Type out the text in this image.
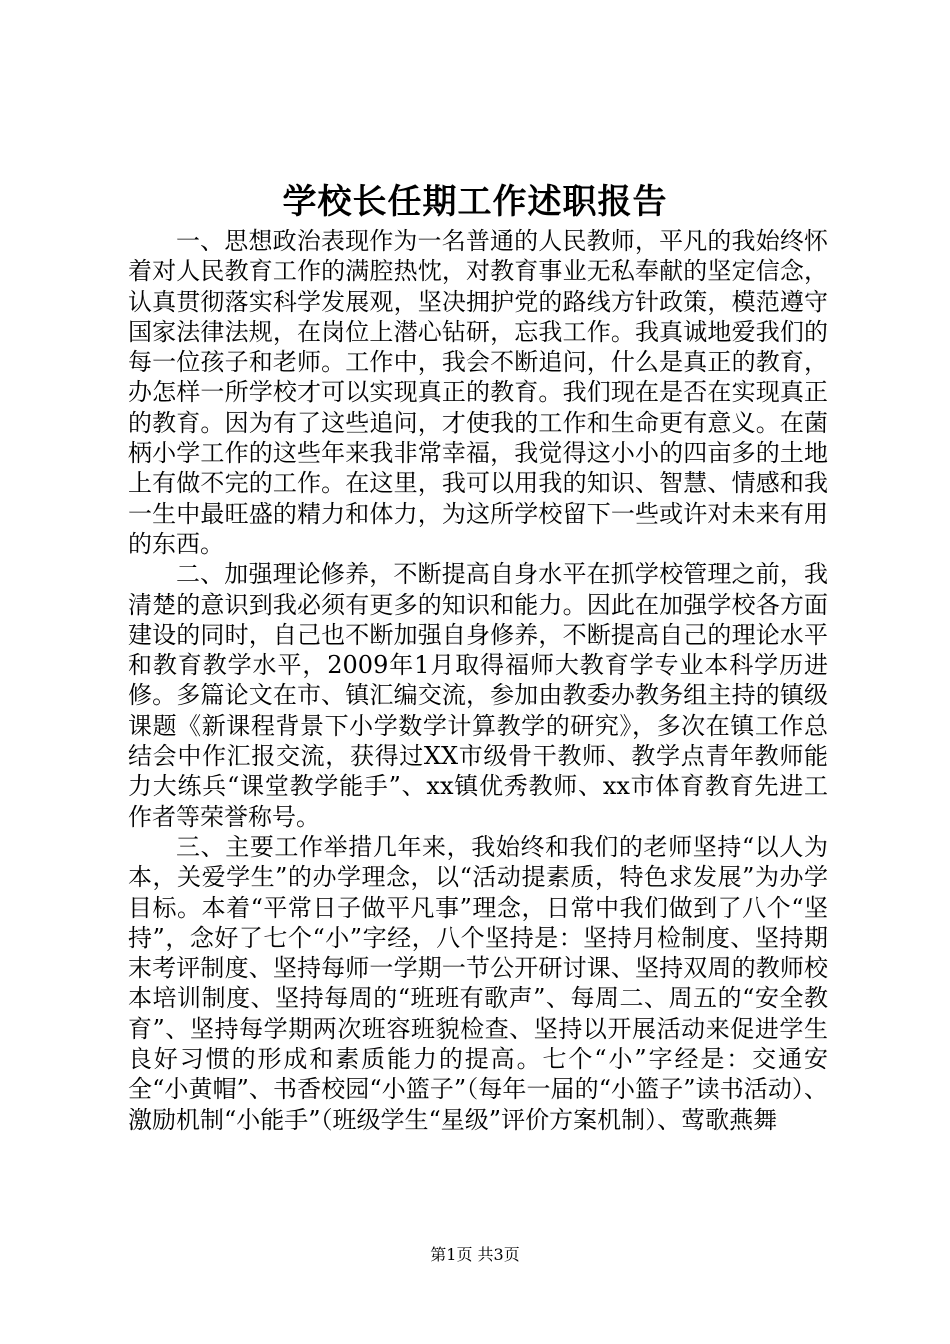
学校长任期工作述职报告

一、思想政治表现作为一名普通的人民教师，平凡的我始终怀着对人民教育工作的满腔热忱，对教育事业无私奉献的坚定信念，认真贯彻落实科学发展观，坚决拥护党的路线方针政策，模范遵守国家法律法规，在岗位上潜心钻研，忘我工作。我真诚地爱我们的每一位孩子和老师。工作中，我会不断追问，什么是真正的教育，办怎样一所学校才可以实现真正的教育。我们现在是否在实现真正的教育。因为有了这些追问，才使我的工作和生命更有意义。在菌柄小学工作的这些年来我非常幸福，我觉得这小小的四亩多的土地上有做不完的工作。在这里，我可以用我的知识、智慧、情感和我一生中最旺盛的精力和体力，为这所学校留下一些或许对未来有用的东西。

二、加强理论修养，不断提高自身水平在抓学校管理之前，我清楚的意识到我必须有更多的知识和能力。因此在加强学校各方面建设的同时，自己也不断加强自身修养，不断提高自己的理论水平和教育教学水平，2009年1月取得福师大教育学专业本科学历进修。多篇论文在市、镇汇编交流，参加由教委办教务组主持的镇级课题《新课程背景下小学数学计算教学的研究》，多次在镇工作总结会中作汇报交流，获得过XX市级骨干教师、教学点青年教师能力大练兵“课堂教学能手”、xx镇优秀教师、xx市体育教育先进工作者等荣誉称号。

三、主要工作举措几年来，我始终和我们的老师坚持“以人为本，关爱学生”的办学理念，以“活动提素质，特色求发展”为办学目标。本着“平常日子做平凡事”理念，日常中我们做到了八个“坚持”，念好了七个“小”字经，八个坚持是：坚持月检制度、坚持期末考评制度、坚持每师一学期一节公开研讨课、坚持双周的教师校本培训制度、坚持每周的“班班有歌声”、每周二、周五的“安全教育”、坚持每学期两次班容班貌检查、坚持以开展活动来促进学生良好习惯的形成和素质能力的提高。七个“小”字经是：交通安全“小黄帽”、书香校园“小篮子”（每年一届的“小篮子”读书活动）、激励机制“小能手”（班级学生“星级”评价方案机制）、莺歌燕舞

第1页 共3页
